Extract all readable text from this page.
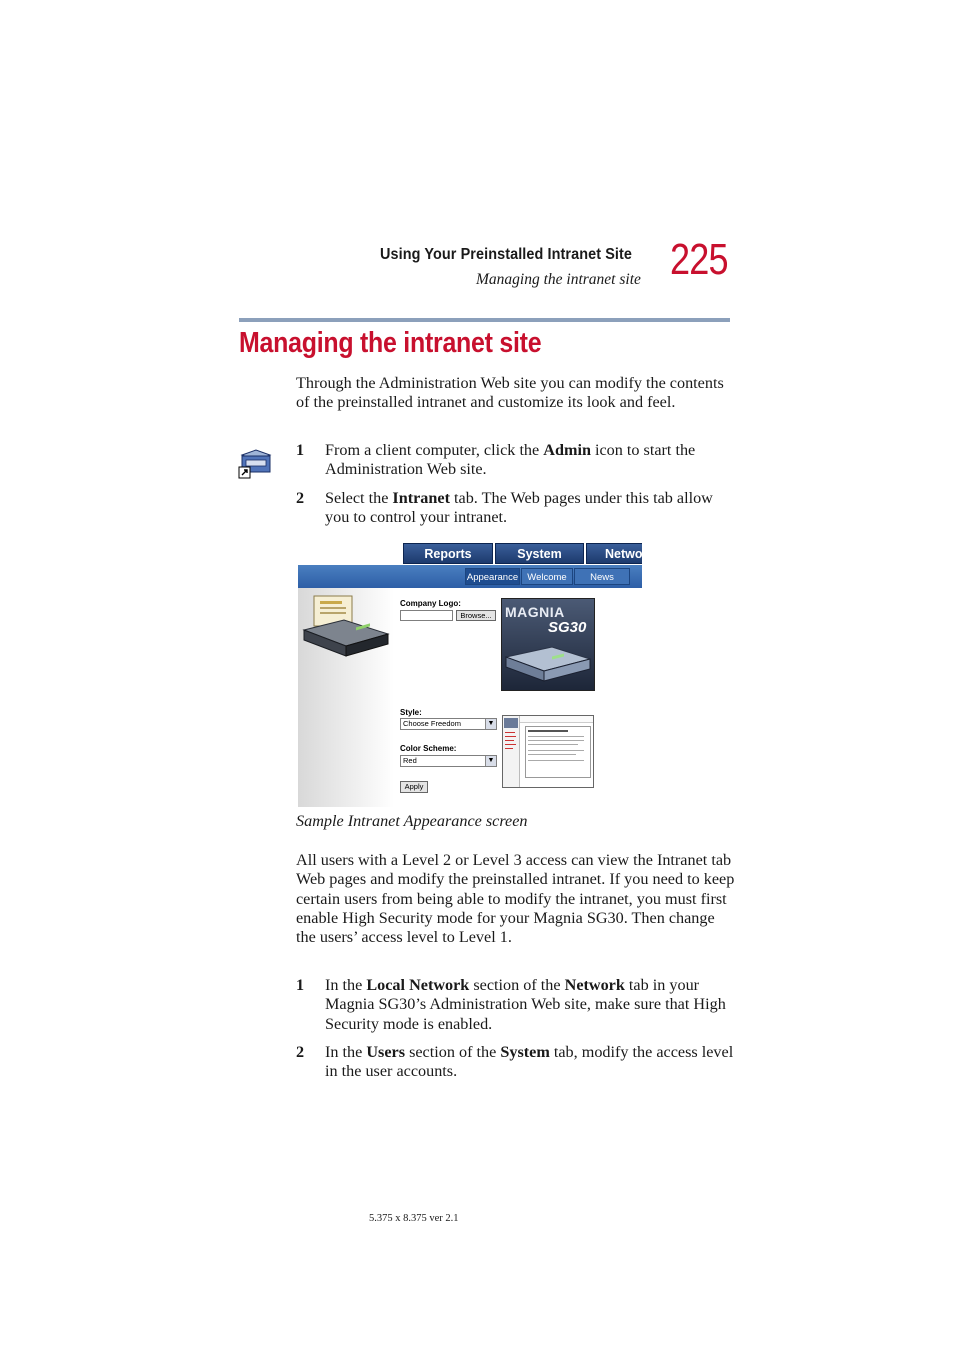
Using Your Preinstalled Intranet Site
Managing the intranet site 225
Managing the intranet site
Through the Administration Web site you can modify the contents of the preinstalled intranet and customize its look and feel.
1 From a client computer, click the Admin icon to start the Administration Web site.
2 Select the Intranet tab. The Web pages under this tab allow you to control your intranet.
Reports	System	Netwo
Appearance Welcome	News
Company Logo:
Browse... MAGNIA
SG30
Style:
Choose Freedom	▼
Color Scheme:
Red	▼
Apply
Sample Intranet Appearance screen
All users with a Level 2 or Level 3 access can view the Intranet tab Web pages and modify the preinstalled intranet. If you need to keep certain users from being able to modify the intranet, you must first enable High Security mode for your Magnia SG30. Then change the users’ access level to Level 1.
1 In the Local Network section of the Network tab in your Magnia SG30’s Administration Web site, make sure that High Security mode is enabled.
2 In the Users section of the System tab, modify the access level in the user accounts.
5.375 x 8.375 ver 2.1
